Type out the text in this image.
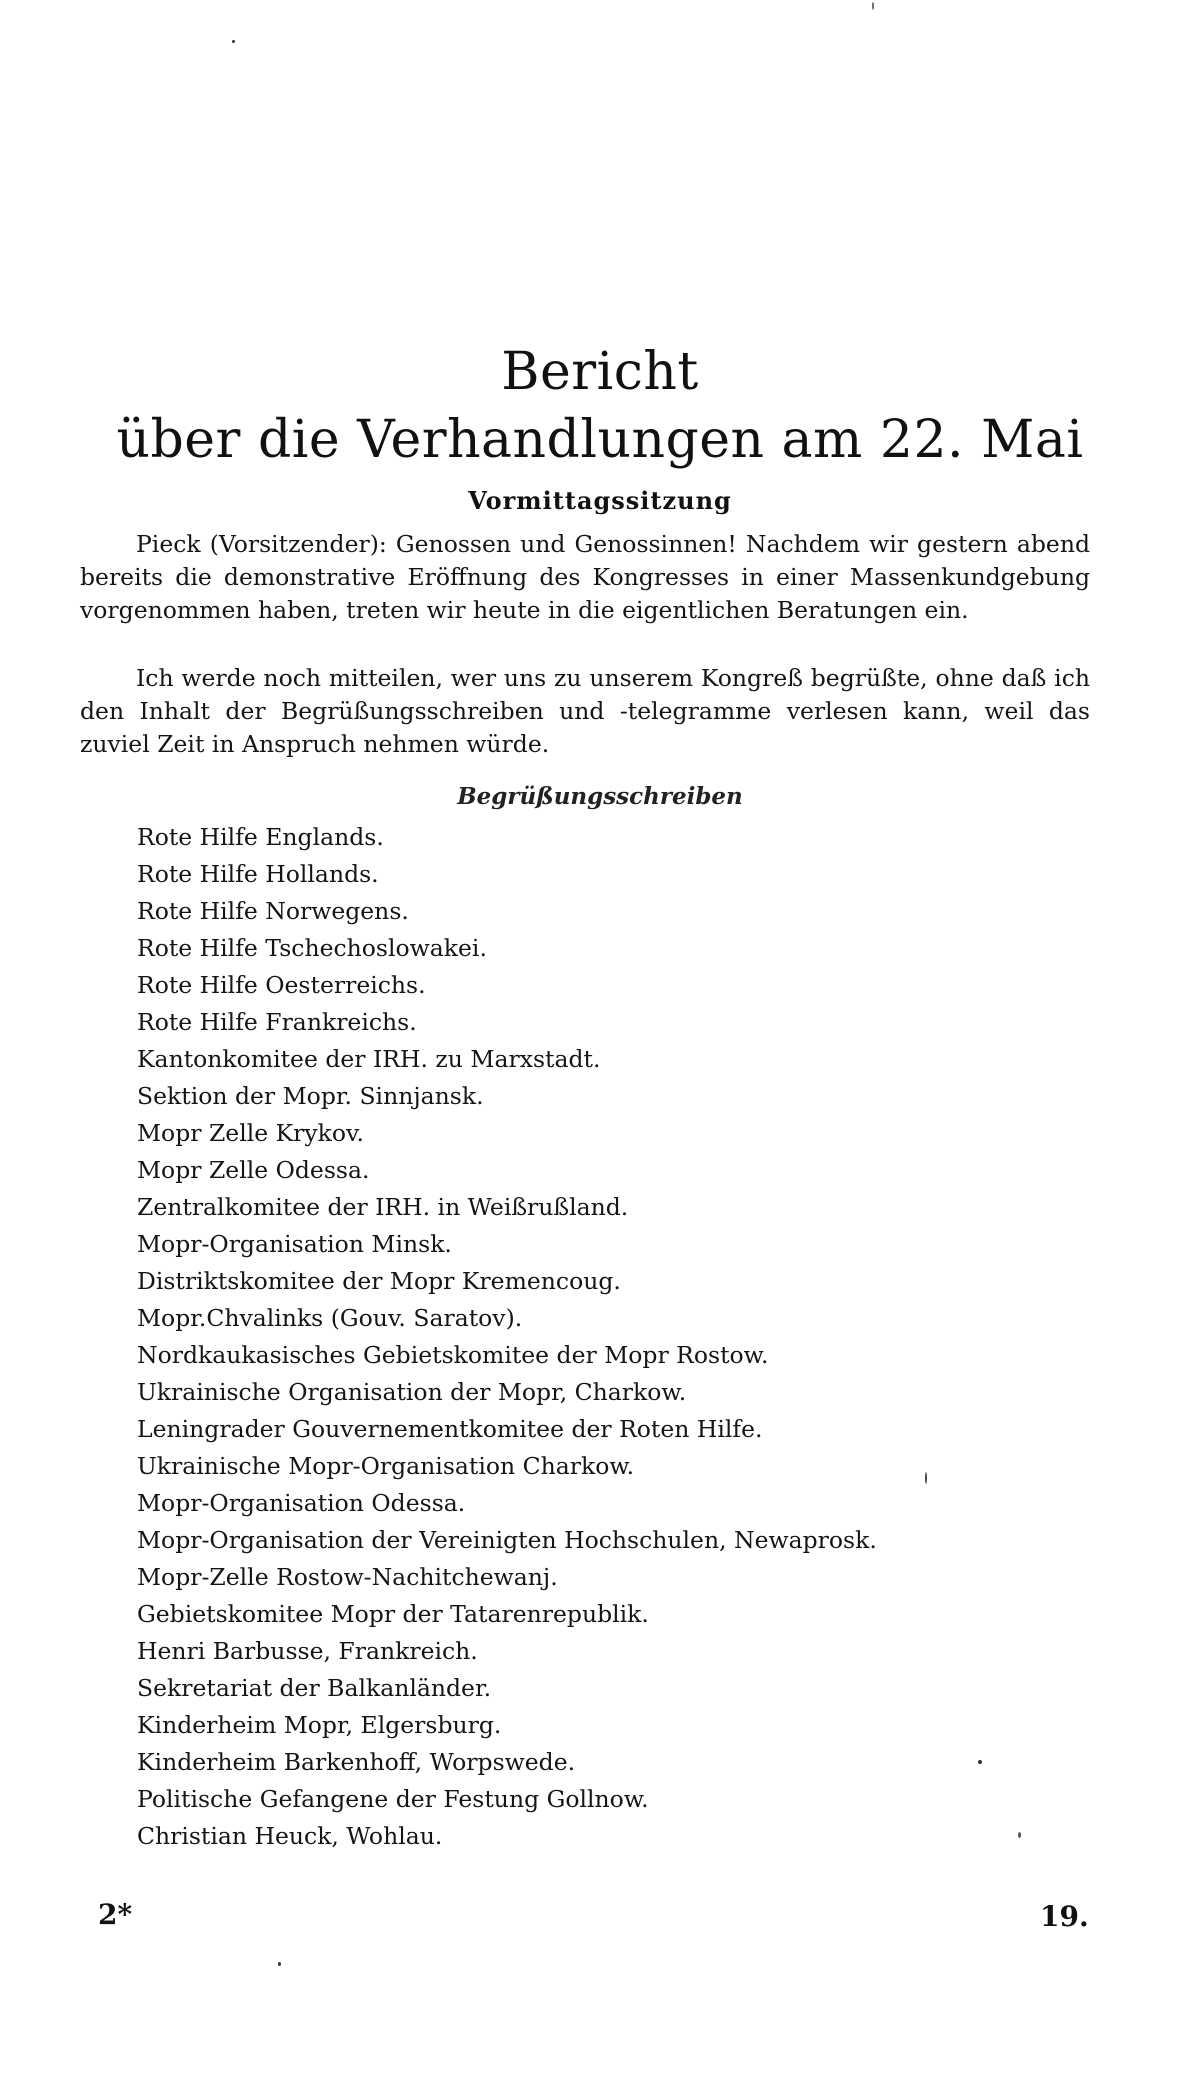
Bericht
über die Verhandlungen am 22. Mai
Vormittagssitzung

Pieck (Vorsitzender): Genossen und Genossinnen! Nachdem wir gestern abend bereits die demonstrative Eröffnung des Kongresses in einer Massenkundgebung vorgenommen haben, treten wir heute in die eigentlichen Beratungen ein.

Ich werde noch mitteilen, wer uns zu unserem Kongreß begrüßte, ohne daß ich den Inhalt der Begrüßungsschreiben und -telegramme verlesen kann, weil das zuviel Zeit in Anspruch nehmen würde.

Begrüßungsschreiben
Rote Hilfe Englands.
Rote Hilfe Hollands.
Rote Hilfe Norwegens.
Rote Hilfe Tschechoslowakei.
Rote Hilfe Oesterreichs.
Rote Hilfe Frankreichs.
Kantonkomitee der IRH. zu Marxstadt.
Sektion der Mopr. Sinnjansk.
Mopr Zelle Krykov.
Mopr Zelle Odessa.
Zentralkomitee der IRH. in Weißrußland.
Mopr-Organisation Minsk.
Distriktskomitee der Mopr Kremencoug.
Mopr.Chvalinks (Gouv. Saratov).
Nordkaukasisches Gebietskomitee der Mopr Rostow.
Ukrainische Organisation der Mopr, Charkow.
Leningrader Gouvernementkomitee der Roten Hilfe.
Ukrainische Mopr-Organisation Charkow.
Mopr-Organisation Odessa.
Mopr-Organisation der Vereinigten Hochschulen, Newaprosk.
Mopr-Zelle Rostow-Nachitchewanj.
Gebietskomitee Mopr der Tatarenrepublik.
Henri Barbusse, Frankreich.
Sekretariat der Balkanländer.
Kinderheim Mopr, Elgersburg.
Kinderheim Barkenhoff, Worpswede.
Politische Gefangene der Festung Gollnow.
Christian Heuck, Wohlau.
2*	19.
